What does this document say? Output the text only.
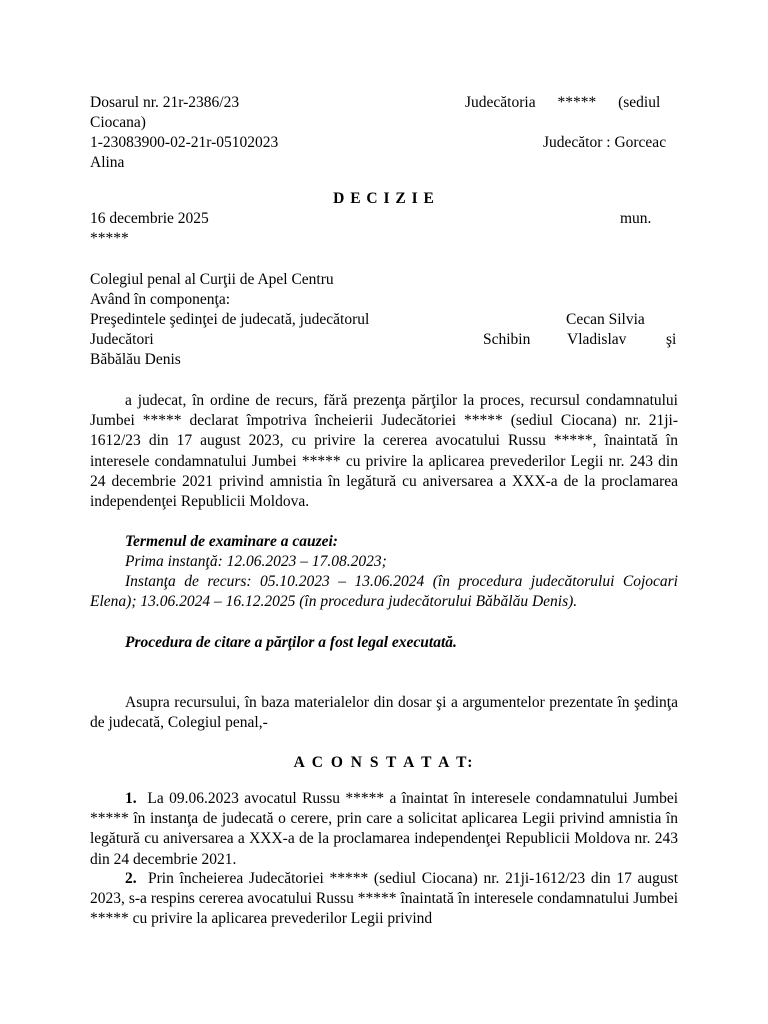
Dosarul nr. 21r-2386/23	Judecătoria ***** (sediul
Ciocana)
1-23083900-02-21r-05102023	Judecător : Gorceac
Alina
D E C I Z I E
16 decembrie 2025	mun.
*****
Colegiul penal al Curţii de Apel Centru
Având în componenţa:
Preşedintele şedinţei de judecată, judecătorul	Cecan Silvia
Judecători	Schibin Vladislav	şi
Băbălău Denis
a judecat, în ordine de recurs, fără prezenţa părţilor la proces, recursul condamnatului Jumbei ***** declarat împotriva încheierii Judecătoriei ***** (sediul Ciocana) nr. 21ji-1612/23 din 17 august 2023, cu privire la cererea avocatului Russu *****, înaintată în interesele condamnatului Jumbei ***** cu privire la aplicarea prevederilor Legii nr. 243 din 24 decembrie 2021 privind amnistia în legătură cu aniversarea a XXX-a de la proclamarea independenţei Republicii Moldova.
Termenul de examinare a cauzei:
Prima instanţă: 12.06.2023 – 17.08.2023;
Instanţa de recurs: 05.10.2023 – 13.06.2024 (în procedura judecătorului Cojocari Elena); 13.06.2024 – 16.12.2025 (în procedura judecătorului Băbălău Denis).
Procedura de citare a părţilor a fost legal executată.
Asupra recursului, în baza materialelor din dosar şi a argumentelor prezentate în şedinţa de judecată, Colegiul penal,-
A C O N S T A T A T:
1. La 09.06.2023 avocatul Russu ***** a înaintat în interesele condamnatului Jumbei ***** în instanţa de judecată o cerere, prin care a solicitat aplicarea Legii privind amnistia în legătură cu aniversarea a XXX-a de la proclamarea independenţei Republicii Moldova nr. 243 din 24 decembrie 2021.
2. Prin încheierea Judecătoriei ***** (sediul Ciocana) nr. 21ji-1612/23 din 17 august 2023, s-a respins cererea avocatului Russu ***** înaintată în interesele condamnatului Jumbei ***** cu privire la aplicarea prevederilor Legii privind
